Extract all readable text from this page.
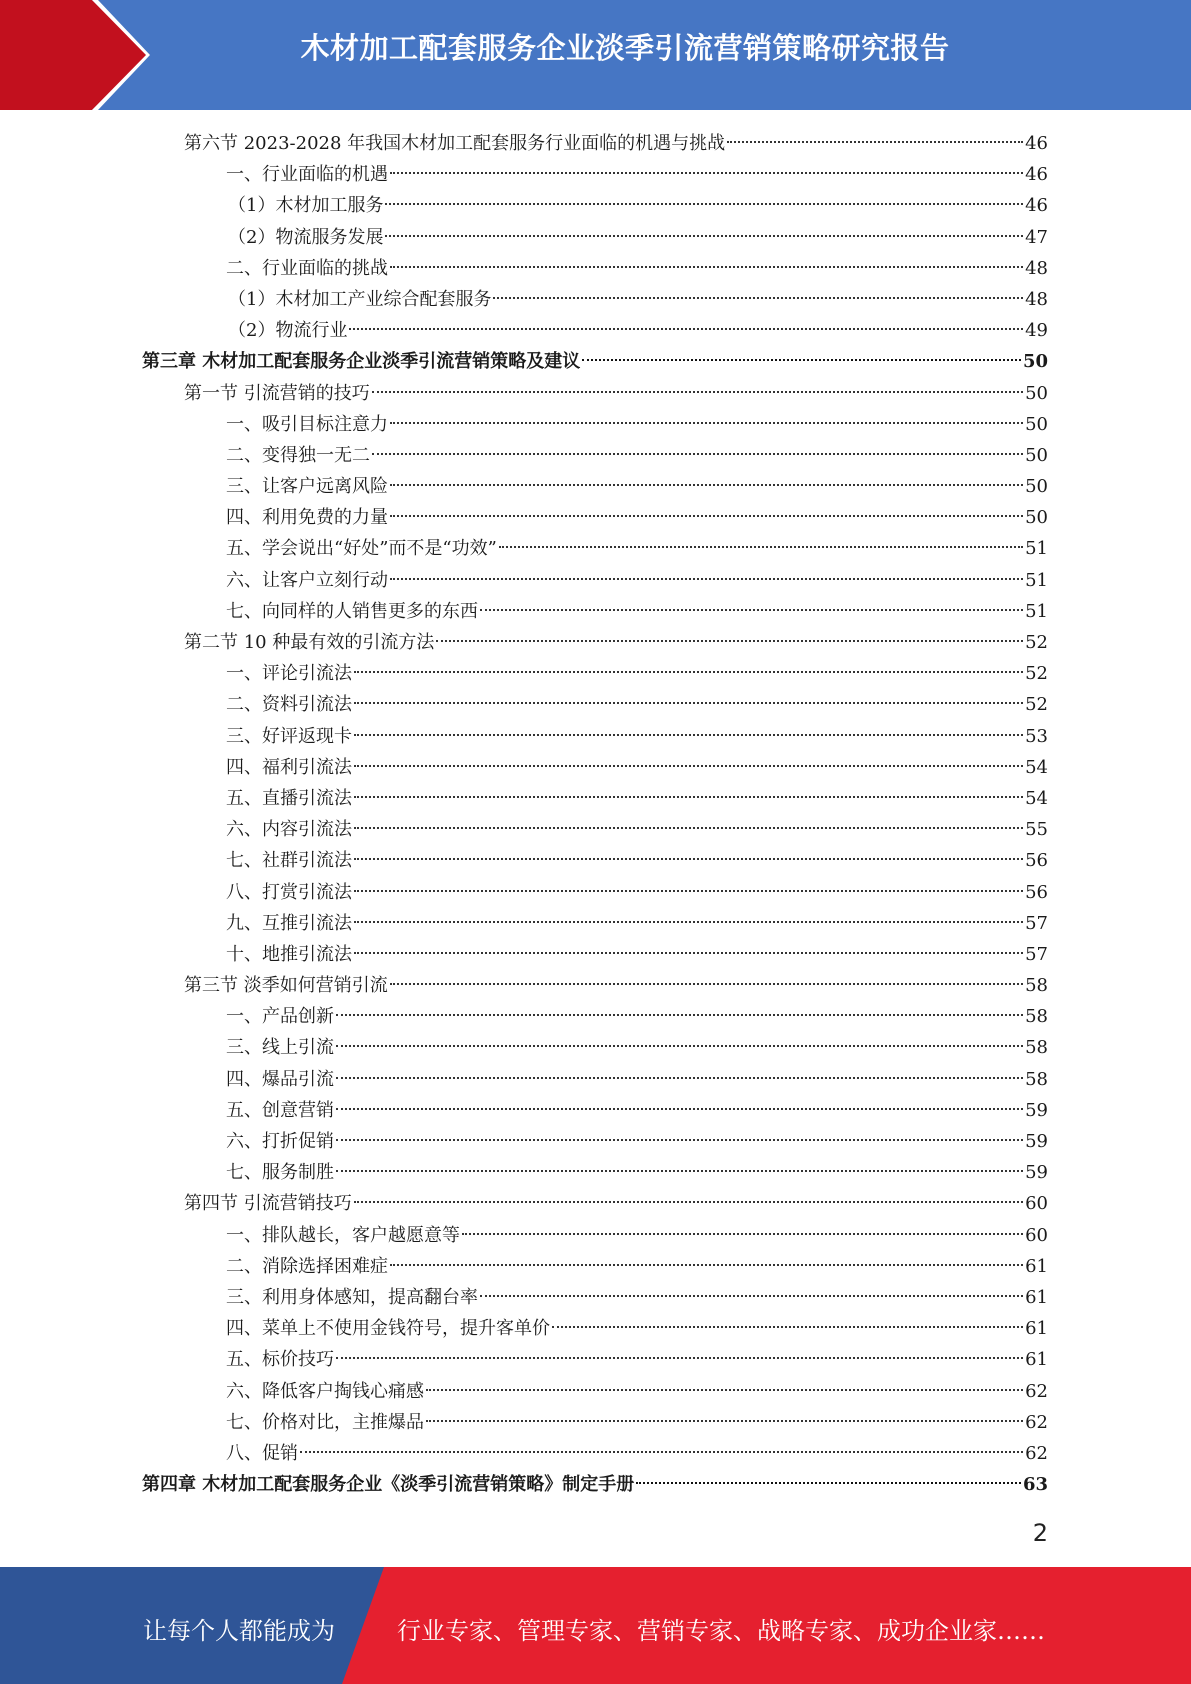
木材加工配套服务企业淡季引流营销策略研究报告
第六节 2023-2028 年我国木材加工配套服务行业面临的机遇与挑战	46
一、行业面临的机遇	46
（1）木材加工服务	46
（2）物流服务发展	47
二、行业面临的挑战	48
（1）木材加工产业综合配套服务	48
（2）物流行业	49
第三章 木材加工配套服务企业淡季引流营销策略及建议	50
第一节 引流营销的技巧	50
一、吸引目标注意力	50
二、变得独一无二	50
三、让客户远离风险	50
四、利用免费的力量	50
五、学会说出“好处”而不是“功效”	51
六、让客户立刻行动	51
七、向同样的人销售更多的东西	51
第二节 10 种最有效的引流方法	52
一、评论引流法	52
二、资料引流法	52
三、好评返现卡	53
四、福利引流法	54
五、直播引流法	54
六、内容引流法	55
七、社群引流法	56
八、打赏引流法	56
九、互推引流法	57
十、地推引流法	57
第三节 淡季如何营销引流	58
一、产品创新	58
三、线上引流	58
四、爆品引流	58
五、创意营销	59
六、打折促销	59
七、服务制胜	59
第四节 引流营销技巧	60
一、排队越长，客户越愿意等	60
二、消除选择困难症	61
三、利用身体感知，提高翻台率	61
四、菜单上不使用金钱符号，提升客单价	61
五、标价技巧	61
六、降低客户掏钱心痛感	62
七、价格对比，主推爆品	62
八、促销	62
第四章 木材加工配套服务企业《淡季引流营销策略》制定手册	63
2
让每个人都能成为	行业专家、管理专家、营销专家、战略专家、成功企业家……
